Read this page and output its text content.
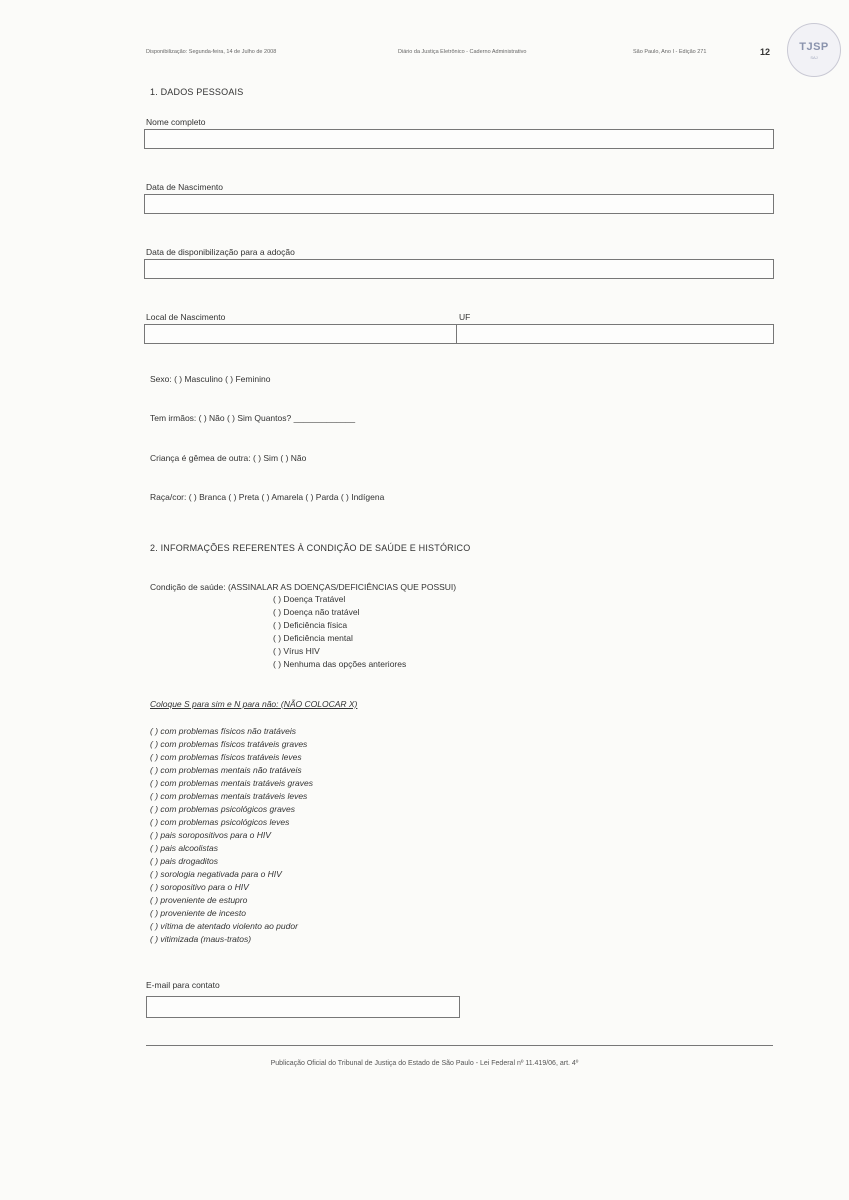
Disponibilização: Segunda-feira, 14 de Julho de 2008	Diário da Justiça Eletrônico - Caderno Administrativo	São Paulo, Ano I - Edição 271	12	TJSP
SAJ
1. DADOS PESSOAIS
Nome completo
Data de Nascimento
Data de disponibilização para a adoção
Local de Nascimento	UF
Sexo: ( ) Masculino ( ) Feminino
Tem irmãos: ( ) Não ( ) Sim Quantos? _____________
Criança é gêmea de outra: ( ) Sim ( ) Não
Raça/cor: ( ) Branca ( ) Preta ( ) Amarela ( ) Parda ( ) Indígena
2. INFORMAÇÕES REFERENTES À CONDIÇÃO DE SAÚDE E HISTÓRICO
Condição de saúde: (ASSINALAR AS DOENÇAS/DEFICIÊNCIAS QUE POSSUI)
( ) Doença Tratável
( ) Doença não tratável
( ) Deficiência física
( ) Deficiência mental
( ) Vírus HIV
( ) Nenhuma das opções anteriores
Coloque S para sim e N para não: (NÃO COLOCAR X)
( ) com problemas físicos não tratáveis
( ) com problemas físicos tratáveis graves
( ) com problemas físicos tratáveis leves
( ) com problemas mentais não tratáveis
( ) com problemas mentais tratáveis graves
( ) com problemas mentais tratáveis leves
( ) com problemas psicológicos graves
( ) com problemas psicológicos leves
( ) pais soropositivos para o HIV
( ) pais alcoolistas
( ) pais drogaditos
( ) sorologia negativada para o HIV
( ) soropositivo para o HIV
( ) proveniente de estupro
( ) proveniente de incesto
( ) vítima de atentado violento ao pudor
( ) vitimizada (maus-tratos)
E-mail para contato
Publicação Oficial do Tribunal de Justiça do Estado de São Paulo - Lei Federal nº 11.419/06, art. 4º
